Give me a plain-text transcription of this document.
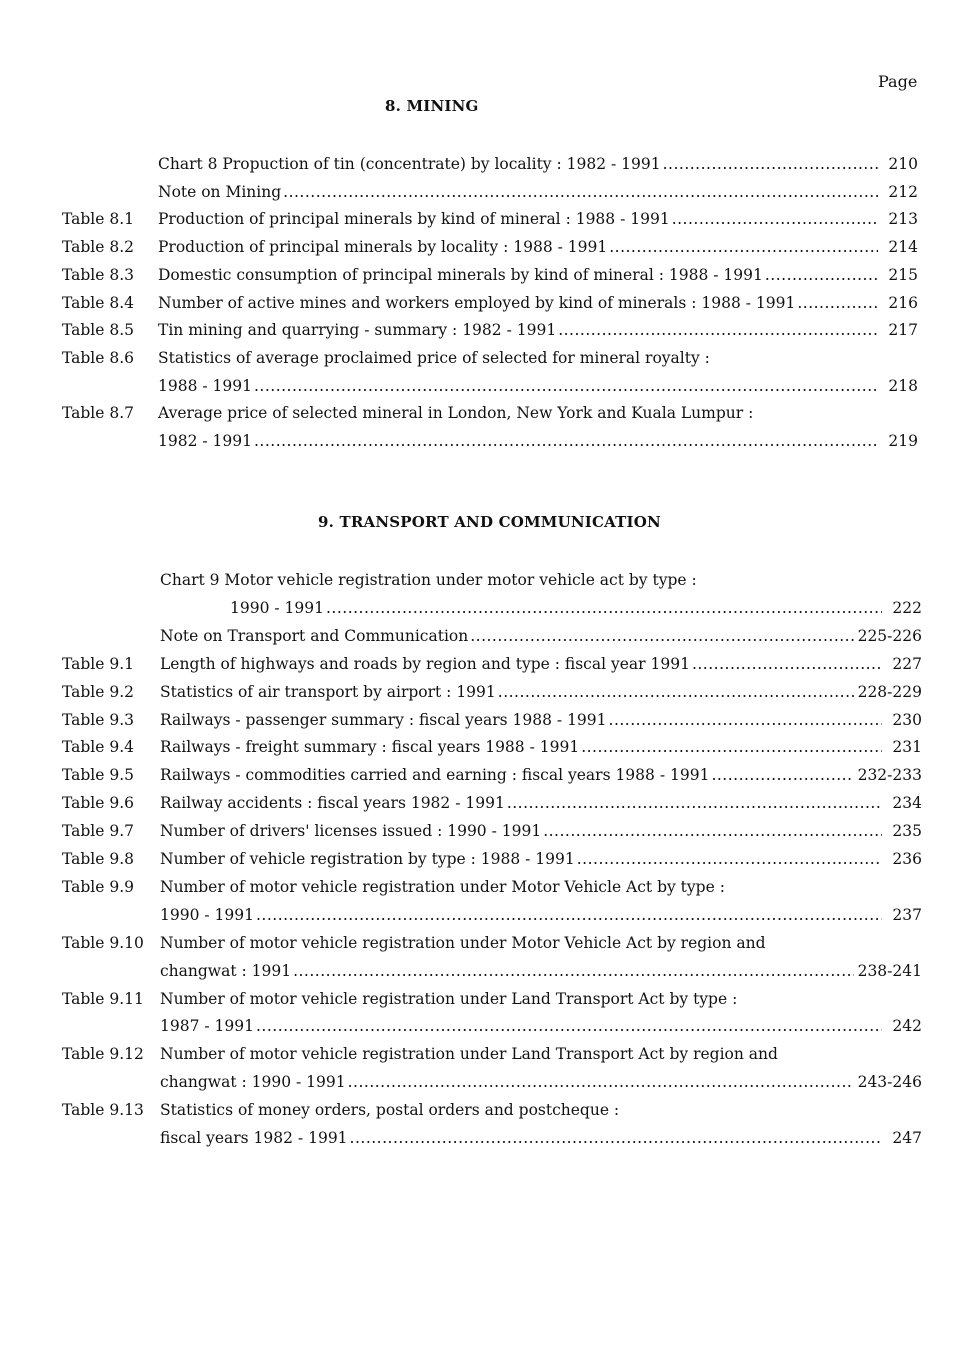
Page
8. MINING
9. TRANSPORT AND COMMUNICATION
Chart 8 Propuction of tin (concentrate) by locality : 1982 - 1991 .....	210
Note on Mining .....	212
Table 8.1 Production of principal minerals by kind of mineral : 1988 - 1991 .....	213
Table 8.2 Production of principal minerals by locality : 1988 - 1991 .....	214
Table 8.3 Domestic consumption of principal minerals by kind of mineral : 1988 - 1991 .....	215
Table 8.4 Number of active mines and workers employed by kind of minerals : 1988 - 1991 .....	216
Table 8.5 Tin mining and quarrying - summary : 1982 - 1991 .....	217
Table 8.6 Statistics of average proclaimed price of selected for mineral royalty :
1988 - 1991 .....	218
Table 8.7 Average price of selected mineral in London, New York and Kuala Lumpur :
1982 - 1991 .....	219
Chart 9 Motor vehicle registration under motor vehicle act by type :
1990 - 1991 .....	222
Note on Transport and Communication .....	225-226
Table 9.1 Length of highways and roads by region and type : fiscal year 1991 .....	227
Table 9.2 Statistics of air transport by airport : 1991 .....	228-229
Table 9.3 Railways - passenger summary : fiscal years 1988 - 1991 .....	230
Table 9.4 Railways - freight summary : fiscal years 1988 - 1991 .....	231
Table 9.5 Railways - commodities carried and earning : fiscal years 1988 - 1991 .....	232-233
Table 9.6 Railway accidents : fiscal years 1982 - 1991 .....	234
Table 9.7 Number of drivers' licenses issued : 1990 - 1991 .....	235
Table 9.8 Number of vehicle registration by type : 1988 - 1991 .....	236
Table 9.9 Number of motor vehicle registration under Motor Vehicle Act by type :
1990 - 1991 .....	237
Table 9.10 Number of motor vehicle registration under Motor Vehicle Act by region and
changwat : 1991 .....	238-241
Table 9.11 Number of motor vehicle registration under Land Transport Act by type :
1987 - 1991 .....	242
Table 9.12 Number of motor vehicle registration under Land Transport Act by region and
changwat : 1990 - 1991 .....	243-246
Table 9.13 Statistics of money orders, postal orders and postcheque :
fiscal years 1982 - 1991 .....	247
